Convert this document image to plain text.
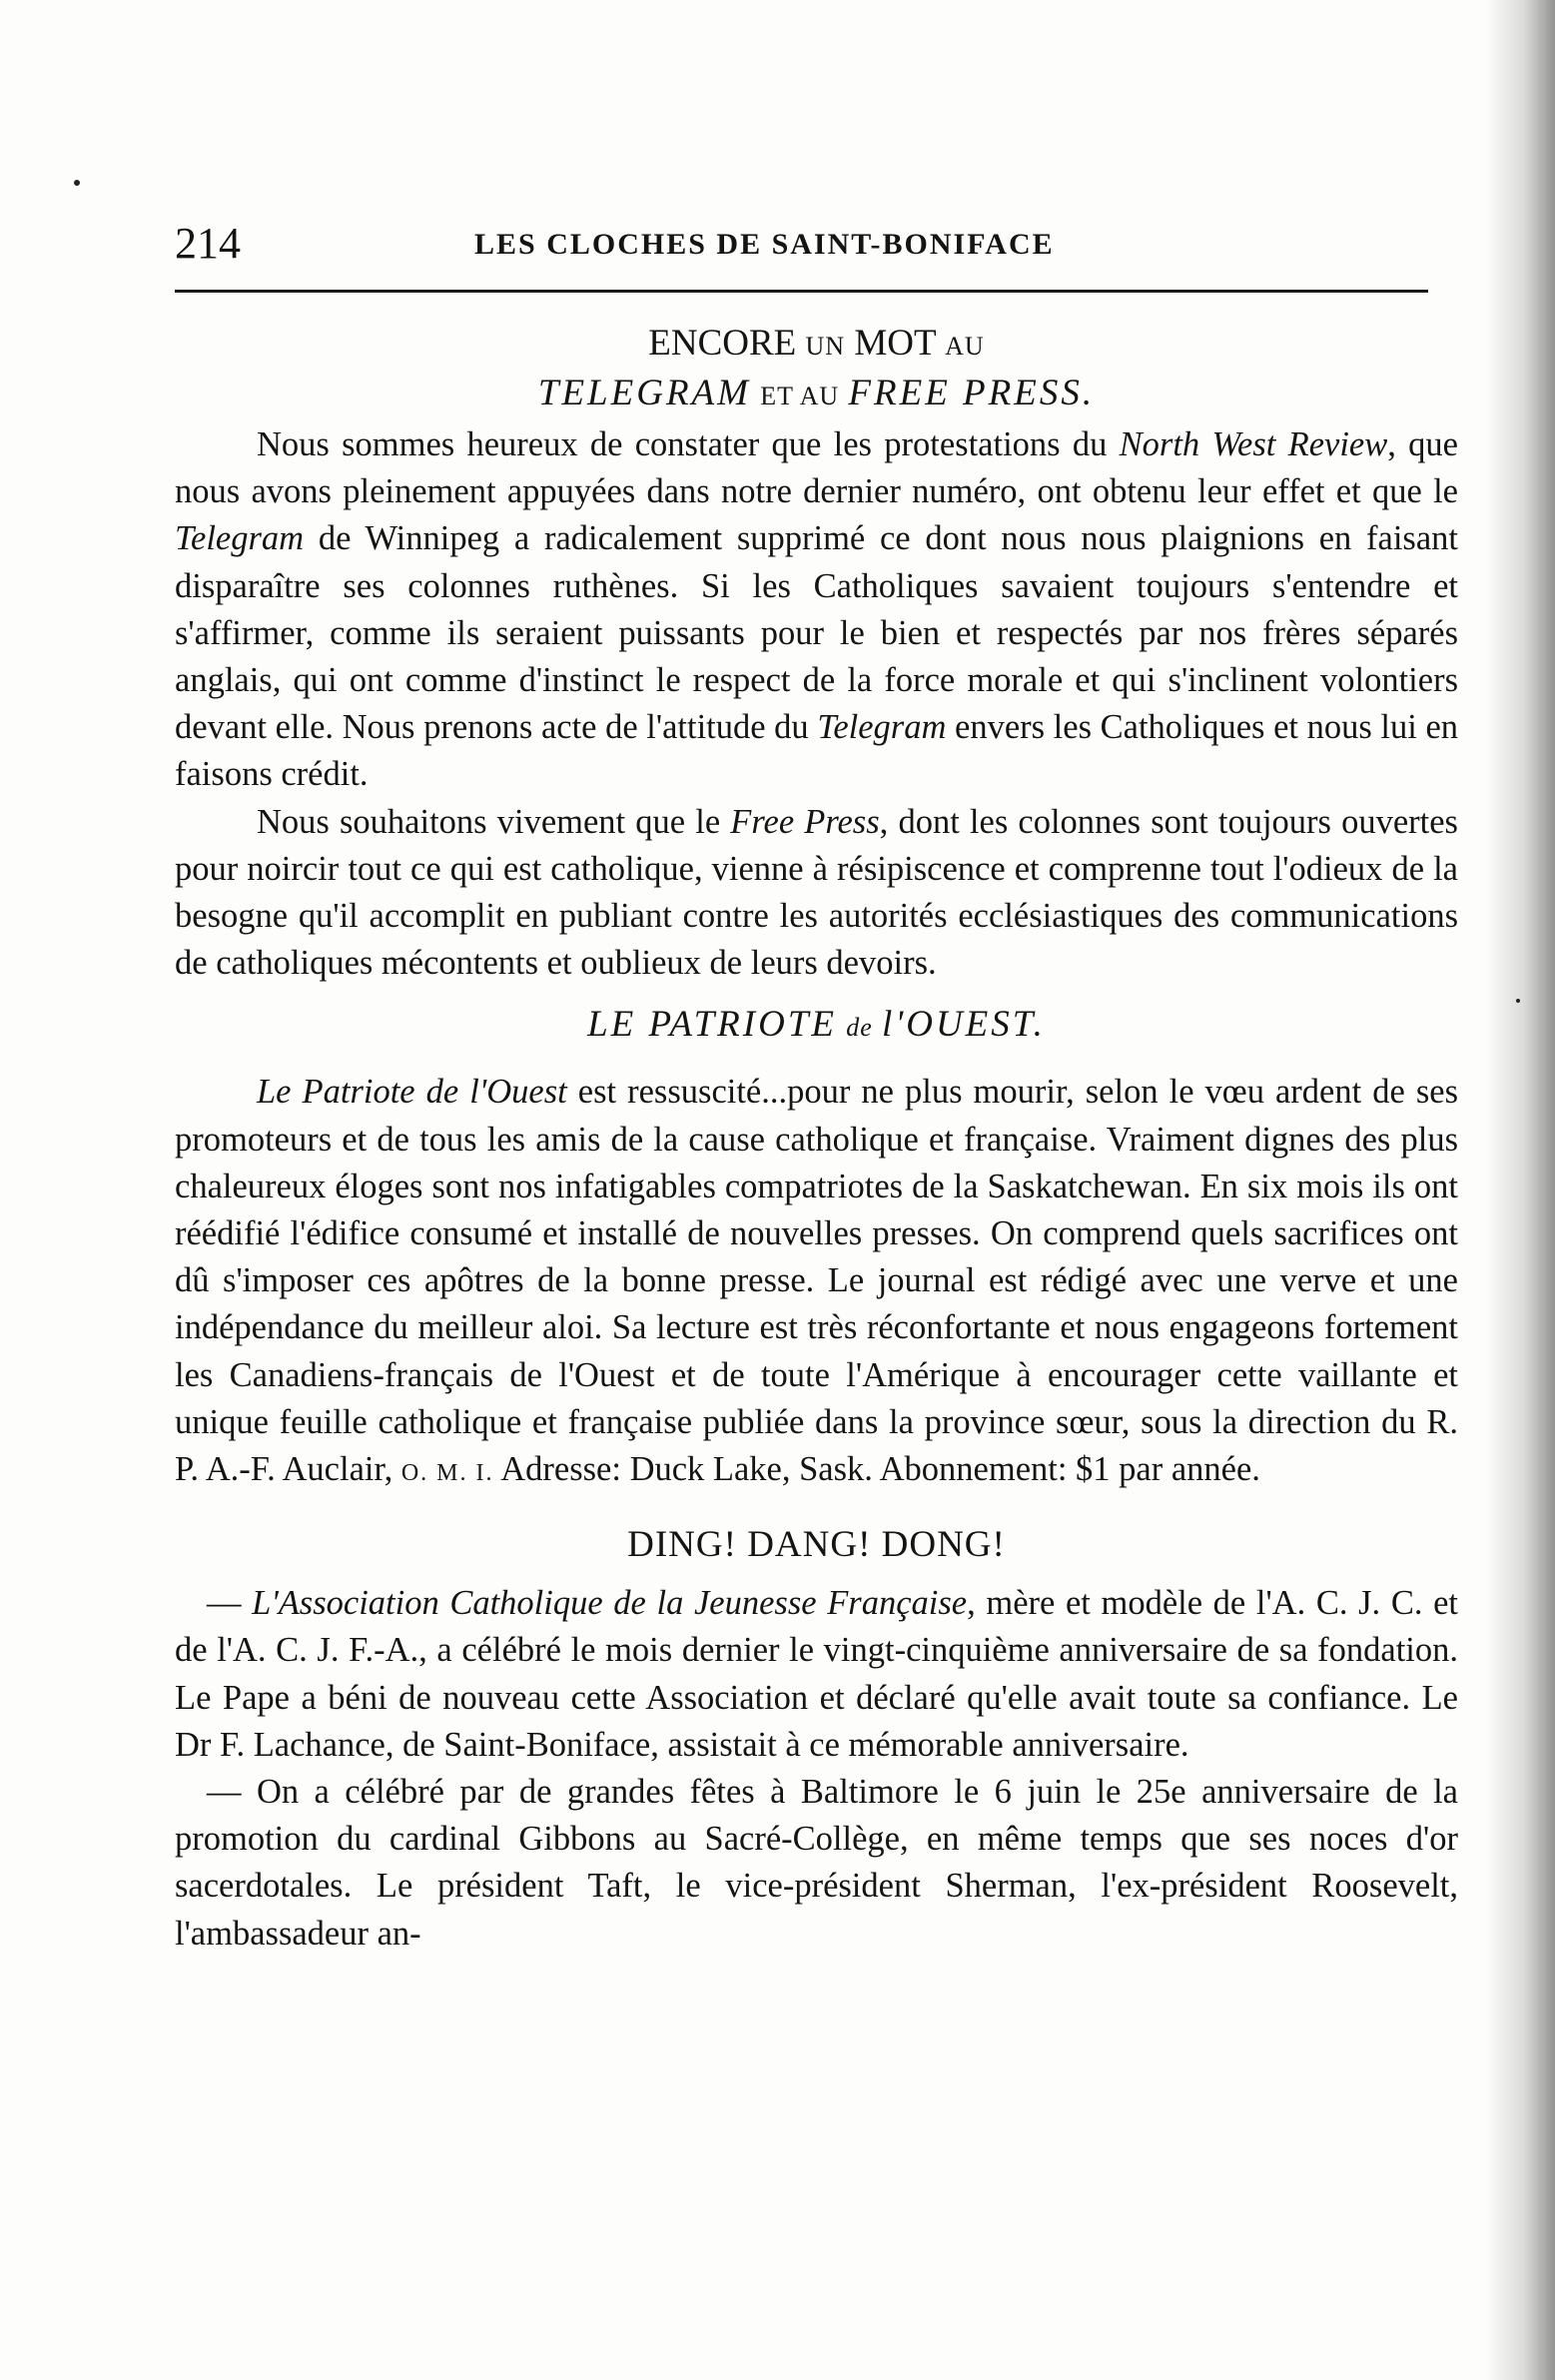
214	LES CLOCHES DE SAINT-BONIFACE
ENCORE UN MOT AU
TELEGRAM ET AU FREE PRESS.

Nous sommes heureux de constater que les protestations du North West Review, que nous avons pleinement appuyées dans notre dernier numéro, ont obtenu leur effet et que le Telegram de Winnipeg a radicalement supprimé ce dont nous nous plaignions en faisant disparaître ses colonnes ruthènes. Si les Catholiques savaient toujours s'entendre et s'affirmer, comme ils seraient puissants pour le bien et respectés par nos frères séparés anglais, qui ont comme d'instinct le respect de la force morale et qui s'inclinent volontiers devant elle. Nous prenons acte de l'attitude du Telegram envers les Catholiques et nous lui en faisons crédit.

Nous souhaitons vivement que le Free Press, dont les colonnes sont toujours ouvertes pour noircir tout ce qui est catholique, vienne à résipiscence et comprenne tout l'odieux de la besogne qu'il accomplit en publiant contre les autorités ecclésiastiques des communications de catholiques mécontents et oublieux de leurs devoirs.

LE PATRIOTE de l'OUEST.

Le Patriote de l'Ouest est ressuscité...pour ne plus mourir, selon le vœu ardent de ses promoteurs et de tous les amis de la cause catholique et française. Vraiment dignes des plus chaleureux éloges sont nos infatigables compatriotes de la Saskatchewan. En six mois ils ont réédifié l'édifice consumé et installé de nouvelles presses. On comprend quels sacrifices ont dû s'imposer ces apôtres de la bonne presse. Le journal est rédigé avec une verve et une indépendance du meilleur aloi. Sa lecture est très réconfortante et nous engageons fortement les Canadiens-français de l'Ouest et de toute l'Amérique à encourager cette vaillante et unique feuille catholique et française publiée dans la province sœur, sous la direction du R. P. A.-F. Auclair, O. M. I. Adresse: Duck Lake, Sask. Abonnement: $1 par année.

DING! DANG! DONG!

— L'Association Catholique de la Jeunesse Française, mère et modèle de l'A. C. J. C. et de l'A. C. J. F.-A., a célébré le mois dernier le vingt-cinquième anniversaire de sa fondation. Le Pape a béni de nouveau cette Association et déclaré qu'elle avait toute sa confiance. Le Dr F. Lachance, de Saint-Boniface, assistait à ce mémorable anniversaire.

— On a célébré par de grandes fêtes à Baltimore le 6 juin le 25e anniversaire de la promotion du cardinal Gibbons au Sacré-Collège, en même temps que ses noces d'or sacerdotales. Le président Taft, le vice-président Sherman, l'ex-président Roosevelt, l'ambassadeur an-
